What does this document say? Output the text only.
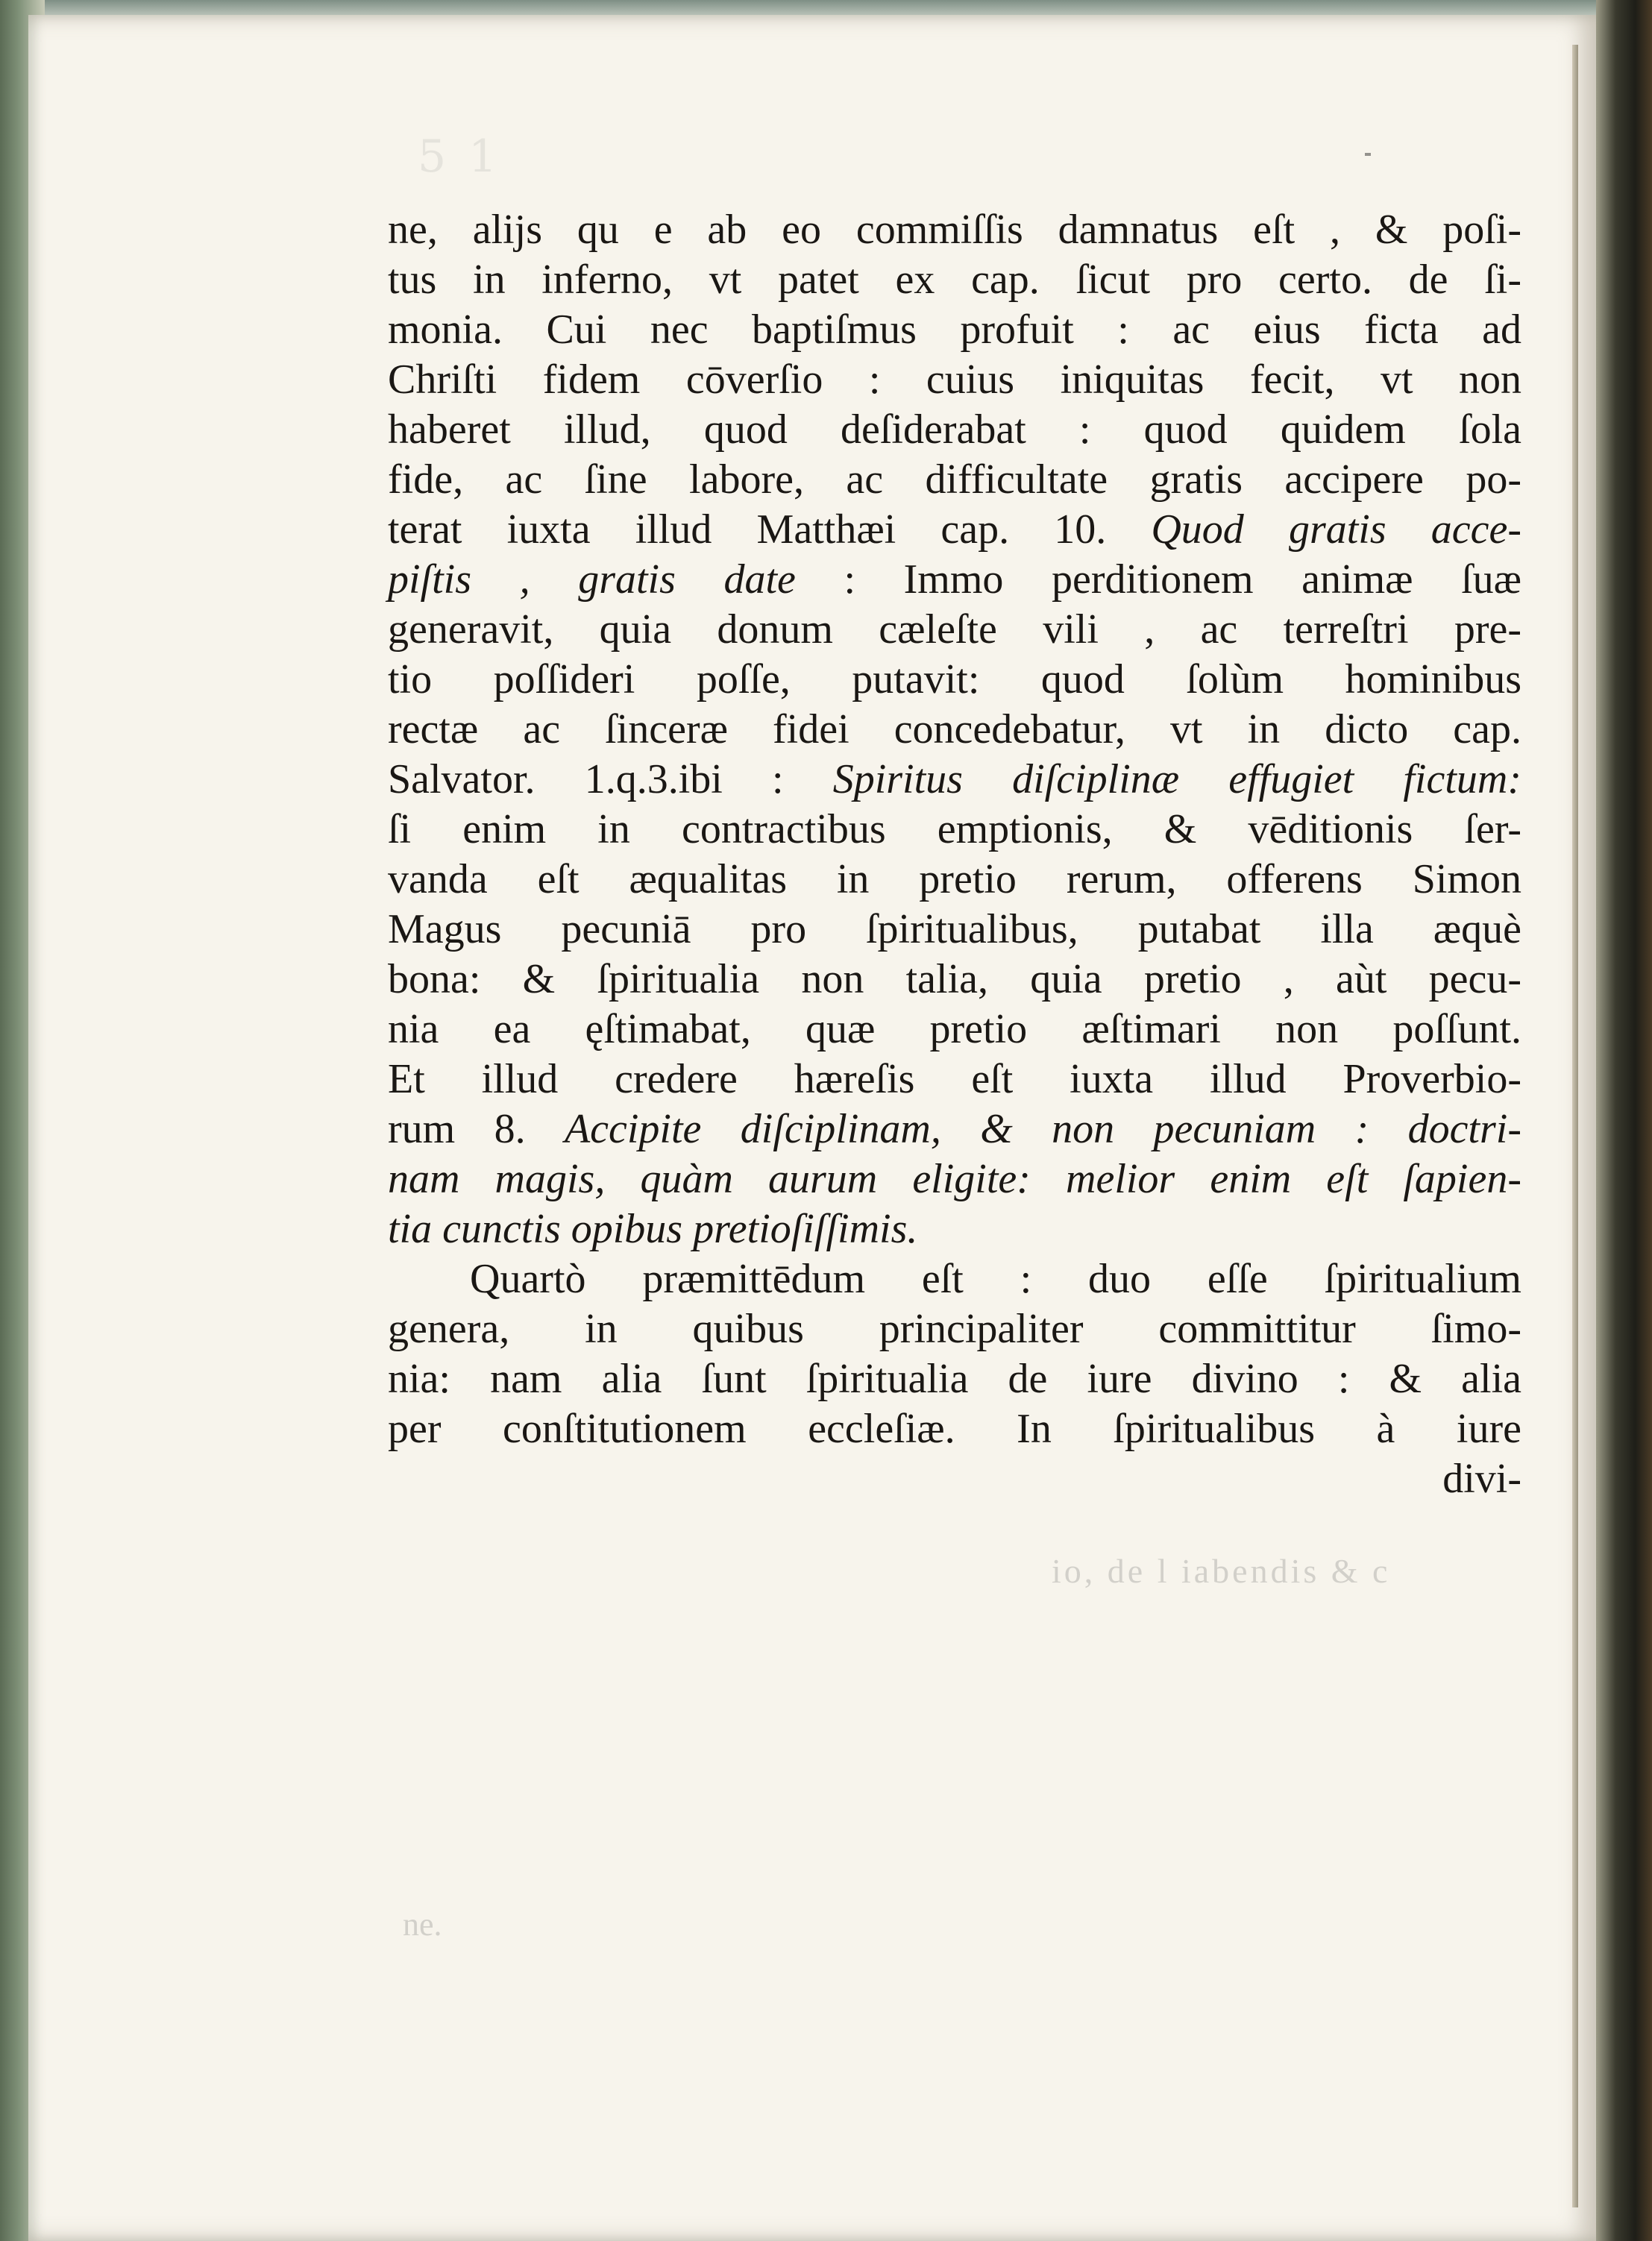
51
ne, alijs qu e ab eo commiſſis damnatus eſt , & poſi-
tus in inferno, vt patet ex cap. ſicut pro certo. de ſi-
monia. Cui nec baptiſmus profuit : ac eius ficta ad
Chriſti fidem cōverſio : cuius iniquitas fecit, vt non
haberet illud, quod deſiderabat : quod quidem ſola
fide, ac ſine labore, ac difficultate gratis accipere po-
terat iuxta illud Matthæi cap. 10. Quod gratis acce-
piſtis , gratis date : Immo perditionem animæ ſuæ
generavit, quia donum cæleſte vili , ac terreſtri pre-
tio poſſideri poſſe, putavit: quod ſolùm hominibus
rectæ ac ſinceræ fidei concedebatur, vt in dicto cap.
Salvator. 1.q.3.ibi : Spiritus diſciplinæ effugiet fictum:
ſi enim in contractibus emptionis, & vēditionis ſer-
vanda eſt æqualitas in pretio rerum, offerens Simon
Magus pecuniā pro ſpiritualibus, putabat illa æquè
bona: & ſpiritualia non talia, quia pretio , aùt pecu-
nia ea ęſtimabat, quæ pretio æſtimari non poſſunt.
Et illud credere hæreſis eſt iuxta illud Proverbio-
rum 8. Accipite diſciplinam, & non pecuniam : doctri-
nam magis, quàm aurum eligite: melior enim eſt ſapien-
tia cunctis opibus pretioſiſſimis.
Quartò præmittēdum eſt : duo eſſe ſpiritualium
genera, in quibus principaliter committitur ſimo-
nia: nam alia ſunt ſpiritualia de iure divino : & alia
per conſtitutionem eccleſiæ. In ſpiritualibus à iure
divi-
io, de l iabendis & c
ne.
